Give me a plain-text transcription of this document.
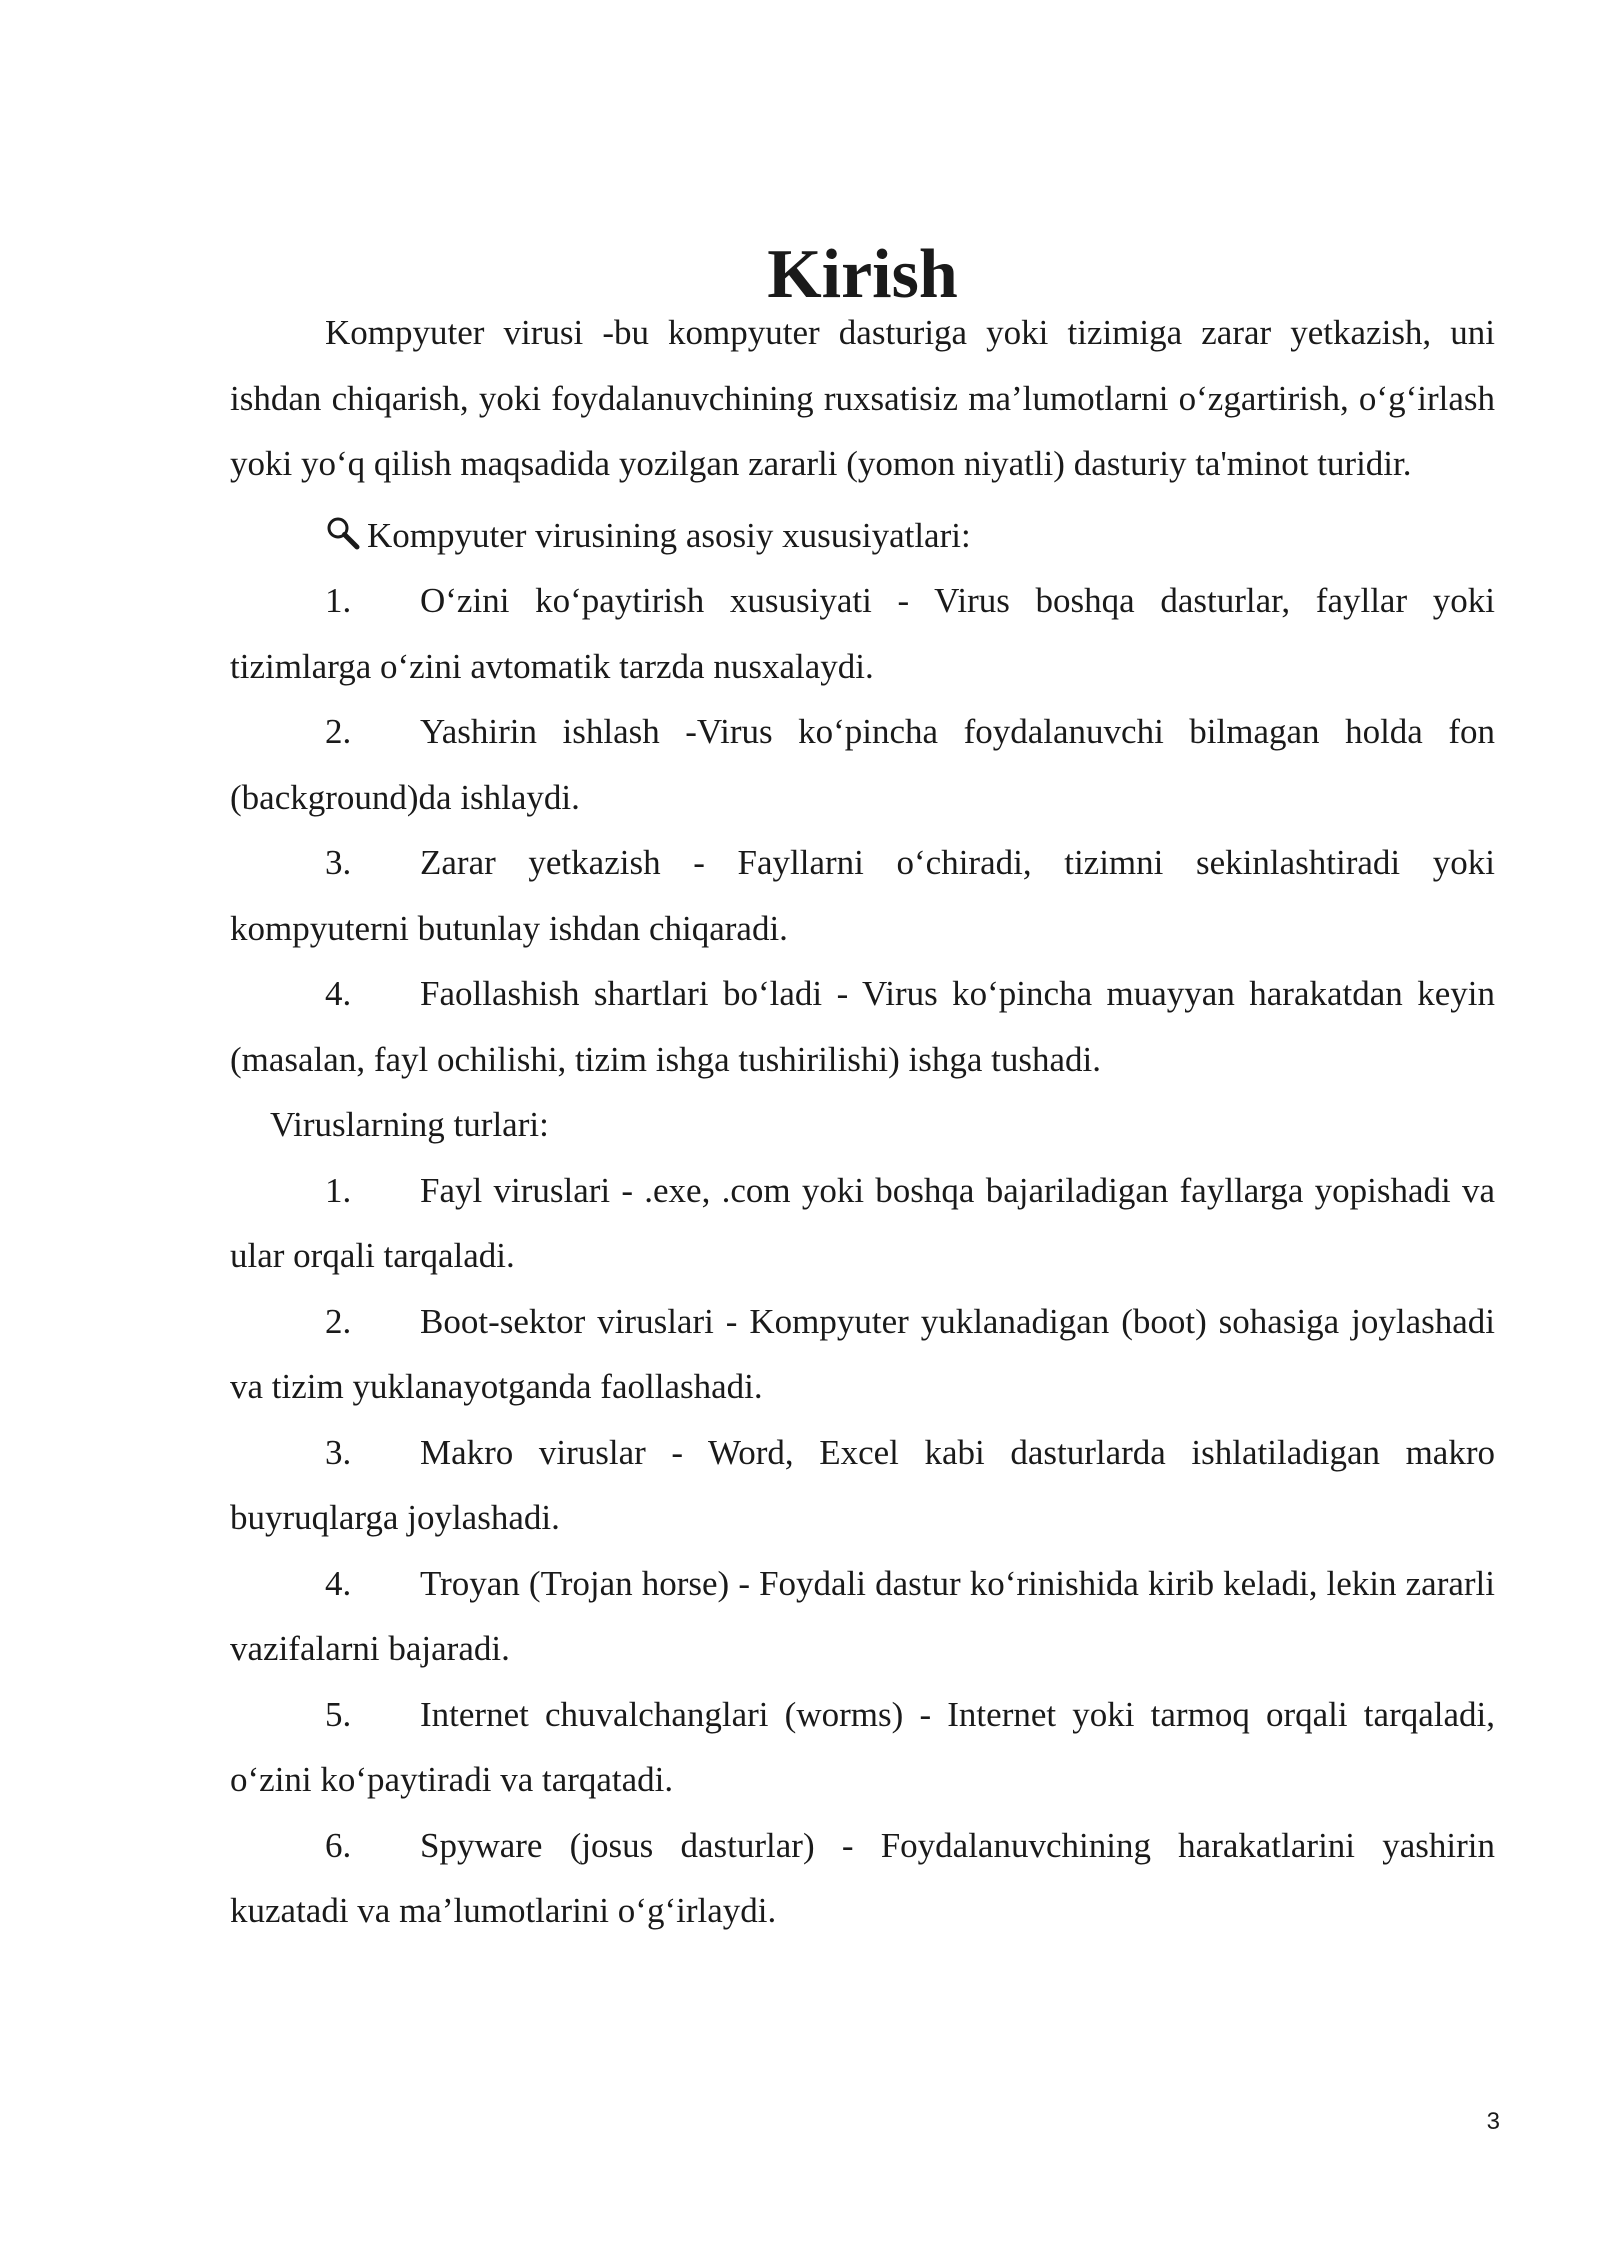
Kirish

Kompyuter virusi -bu kompyuter dasturiga yoki tizimiga zarar yetkazish, uni ishdan chiqarish, yoki foydalanuvchining ruxsatisiz ma’lumotlarni o‘zgartirish, o‘g‘irlash yoki yo‘q qilish maqsadida yozilgan zararli (yomon niyatli) dasturiy ta'minot turidir.

Kompyuter virusining asosiy xususiyatlari:

1. O‘zini ko‘paytirish xususiyati - Virus boshqa dasturlar, fayllar yoki tizimlarga o‘zini avtomatik tarzda nusxalaydi.
2. Yashirin ishlash -Virus ko‘pincha foydalanuvchi bilmagan holda fon (background)da ishlaydi.
3. Zarar yetkazish - Fayllarni o‘chiradi, tizimni sekinlashtiradi yoki kompyuterni butunlay ishdan chiqaradi.
4. Faollashish shartlari bo‘ladi - Virus ko‘pincha muayyan harakatdan keyin (masalan, fayl ochilishi, tizim ishga tushirilishi) ishga tushadi.

Viruslarning turlari:

1. Fayl viruslari - .exe, .com yoki boshqa bajariladigan fayllarga yopishadi va ular orqali tarqaladi.
2. Boot-sektor viruslari - Kompyuter yuklanadigan (boot) sohasiga joylashadi va tizim yuklanayotganda faollashadi.
3. Makro viruslar - Word, Excel kabi dasturlarda ishlatiladigan makro buyruqlarga joylashadi.
4. Troyan (Trojan horse) - Foydali dastur ko‘rinishida kirib keladi, lekin zararli vazifalarni bajaradi.
5. Internet chuvalchanglari (worms) - Internet yoki tarmoq orqali tarqaladi, o‘zini ko‘paytiradi va tarqatadi.
6. Spyware (josus dasturlar) - Foydalanuvchining harakatlarini yashirin kuzatadi va ma’lumotlarini o‘g‘irlaydi.
3
